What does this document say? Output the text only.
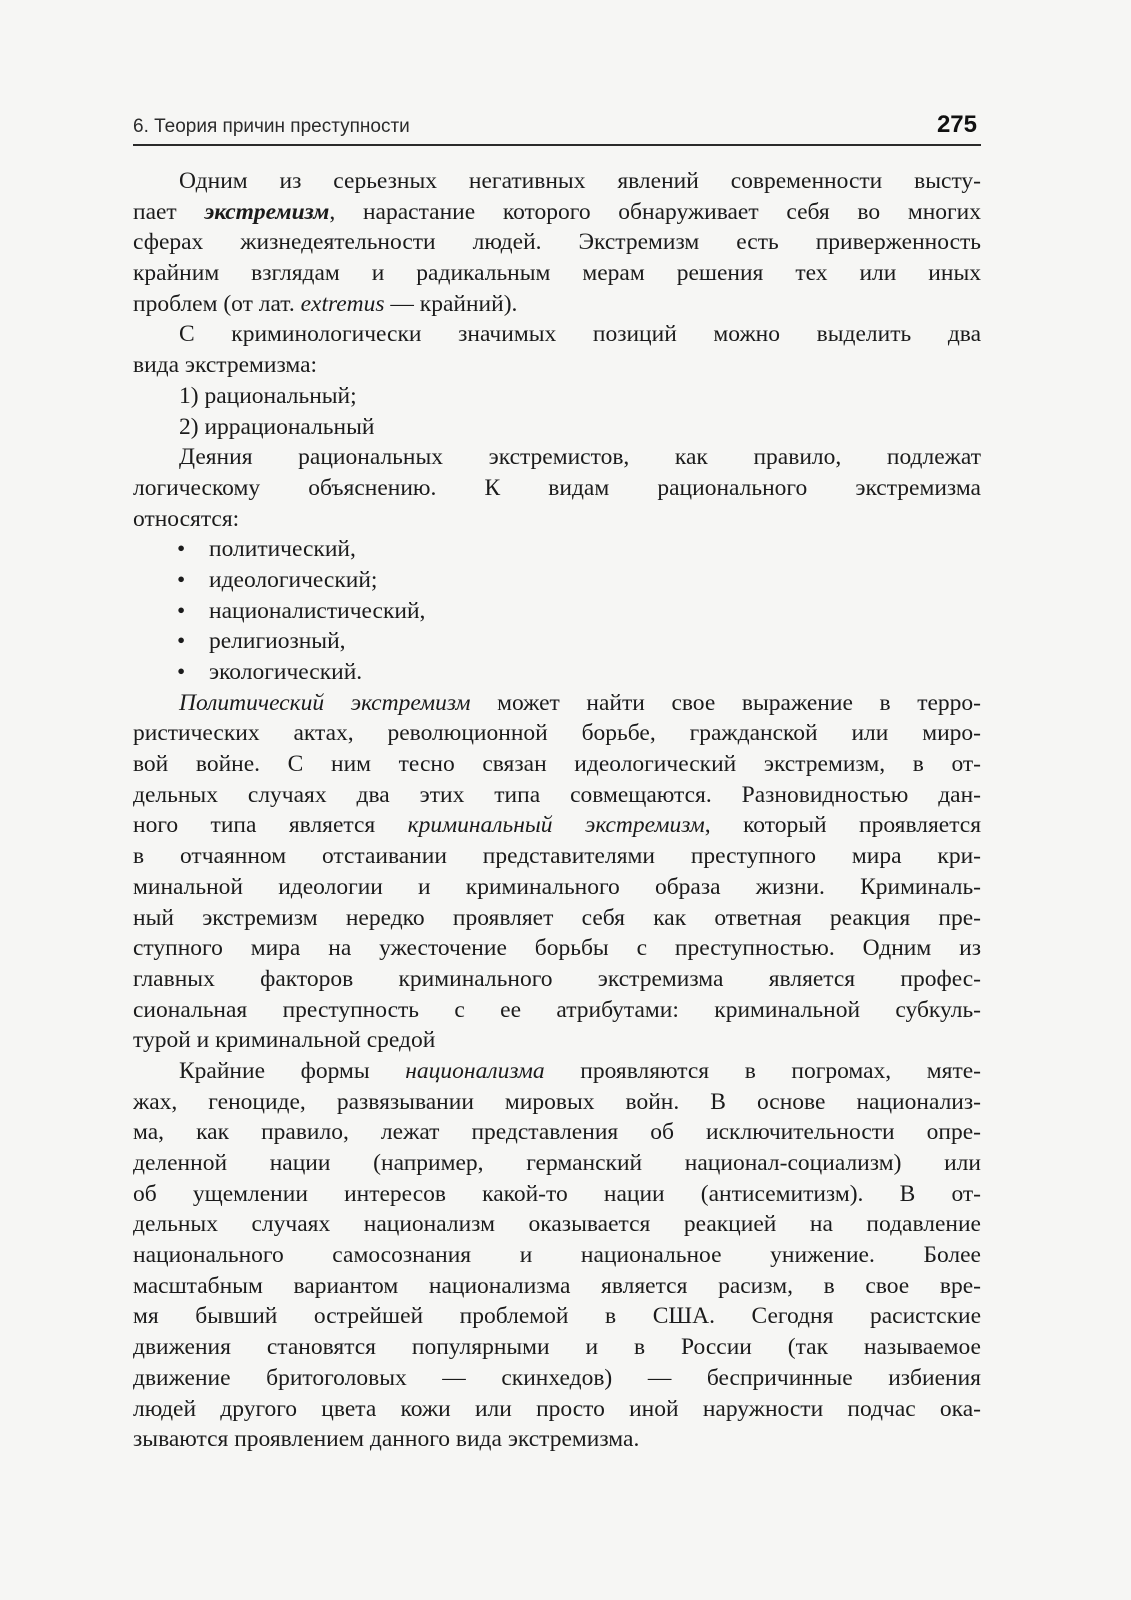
6. Теория причин преступности	275
Одним из серьезных негативных явлений современности высту-
пает экстремизм, нарастание которого обнаруживает себя во многих
сферах жизнедеятельности людей. Экстремизм есть приверженность
крайним взглядам и радикальным мерам решения тех или иных
проблем (от лат. extremus — крайний).
С криминологически значимых позиций можно выделить два
вида экстремизма:
1) рациональный;
2) иррациональный
Деяния рациональных экстремистов, как правило, подлежат
логическому объяснению. К видам рационального экстремизма
относятся:
• политический,
• идеологический;
• националистический,
• религиозный,
• экологический.
Политический экстремизм может найти свое выражение в терро-
ристических актах, революционной борьбе, гражданской или миро-
вой войне. С ним тесно связан идеологический экстремизм, в от-
дельных случаях два этих типа совмещаются. Разновидностью дан-
ного типа является криминальный экстремизм, который проявляется
в отчаянном отстаивании представителями преступного мира кри-
минальной идеологии и криминального образа жизни. Криминаль-
ный экстремизм нередко проявляет себя как ответная реакция пре-
ступного мира на ужесточение борьбы с преступностью. Одним из
главных факторов криминального экстремизма является профес-
сиональная преступность с ее атрибутами: криминальной субкуль-
турой и криминальной средой
Крайние формы национализма проявляются в погромах, мяте-
жах, геноциде, развязывании мировых войн. В основе национализ-
ма, как правило, лежат представления об исключительности опре-
деленной нации (например, германский национал-социализм) или
об ущемлении интересов какой-то нации (антисемитизм). В от-
дельных случаях национализм оказывается реакцией на подавление
национального самосознания и национальное унижение. Более
масштабным вариантом национализма является расизм, в свое вре-
мя бывший острейшей проблемой в США. Сегодня расистские
движения становятся популярными и в России (так называемое
движение бритоголовых — скинхедов) — беспричинные избиения
людей другого цвета кожи или просто иной наружности подчас ока-
зываются проявлением данного вида экстремизма.
